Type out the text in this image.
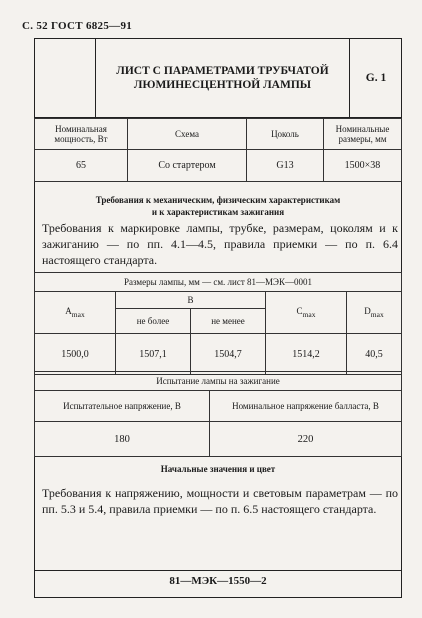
С. 52 ГОСТ 6825—91
ЛИСТ С ПАРАМЕТРАМИ ТРУБЧАТОЙ
ЛЮМИНЕСЦЕНТНОЙ ЛАМПЫ
G. 1
Номинальная мощность, Вт	Схема	Цоколь	Номинальные размеры, мм
65	Со стартером	G13	1500×38
Требования к механическим, физическим характеристикам
и к характеристикам зажигания
Требования к маркировке лампы, трубке, размерам, цоколям и к зажиганию — по пп. 4.1—4.5, правила приемки — по п. 6.4 настоящего стандарта.
Размеры лампы, мм — см. лист 81—МЭК—0001				
$A_{max}$	B		$C_{max}$	$D_{max}$
	не более	не менее		
1500,0	1507,1	1504,7	1514,2	40,5
Испытание лампы на зажигание	
Испытательное напряжение, В	Номинальное напряжение балласта, В
180	220
Начальные значения и цвет
Требования к напряжению, мощности и световым параметрам — по пп. 5.3 и 5.4, правила приемки — по п. 6.5 настоящего стандарта.
81—МЭК—1550—2
